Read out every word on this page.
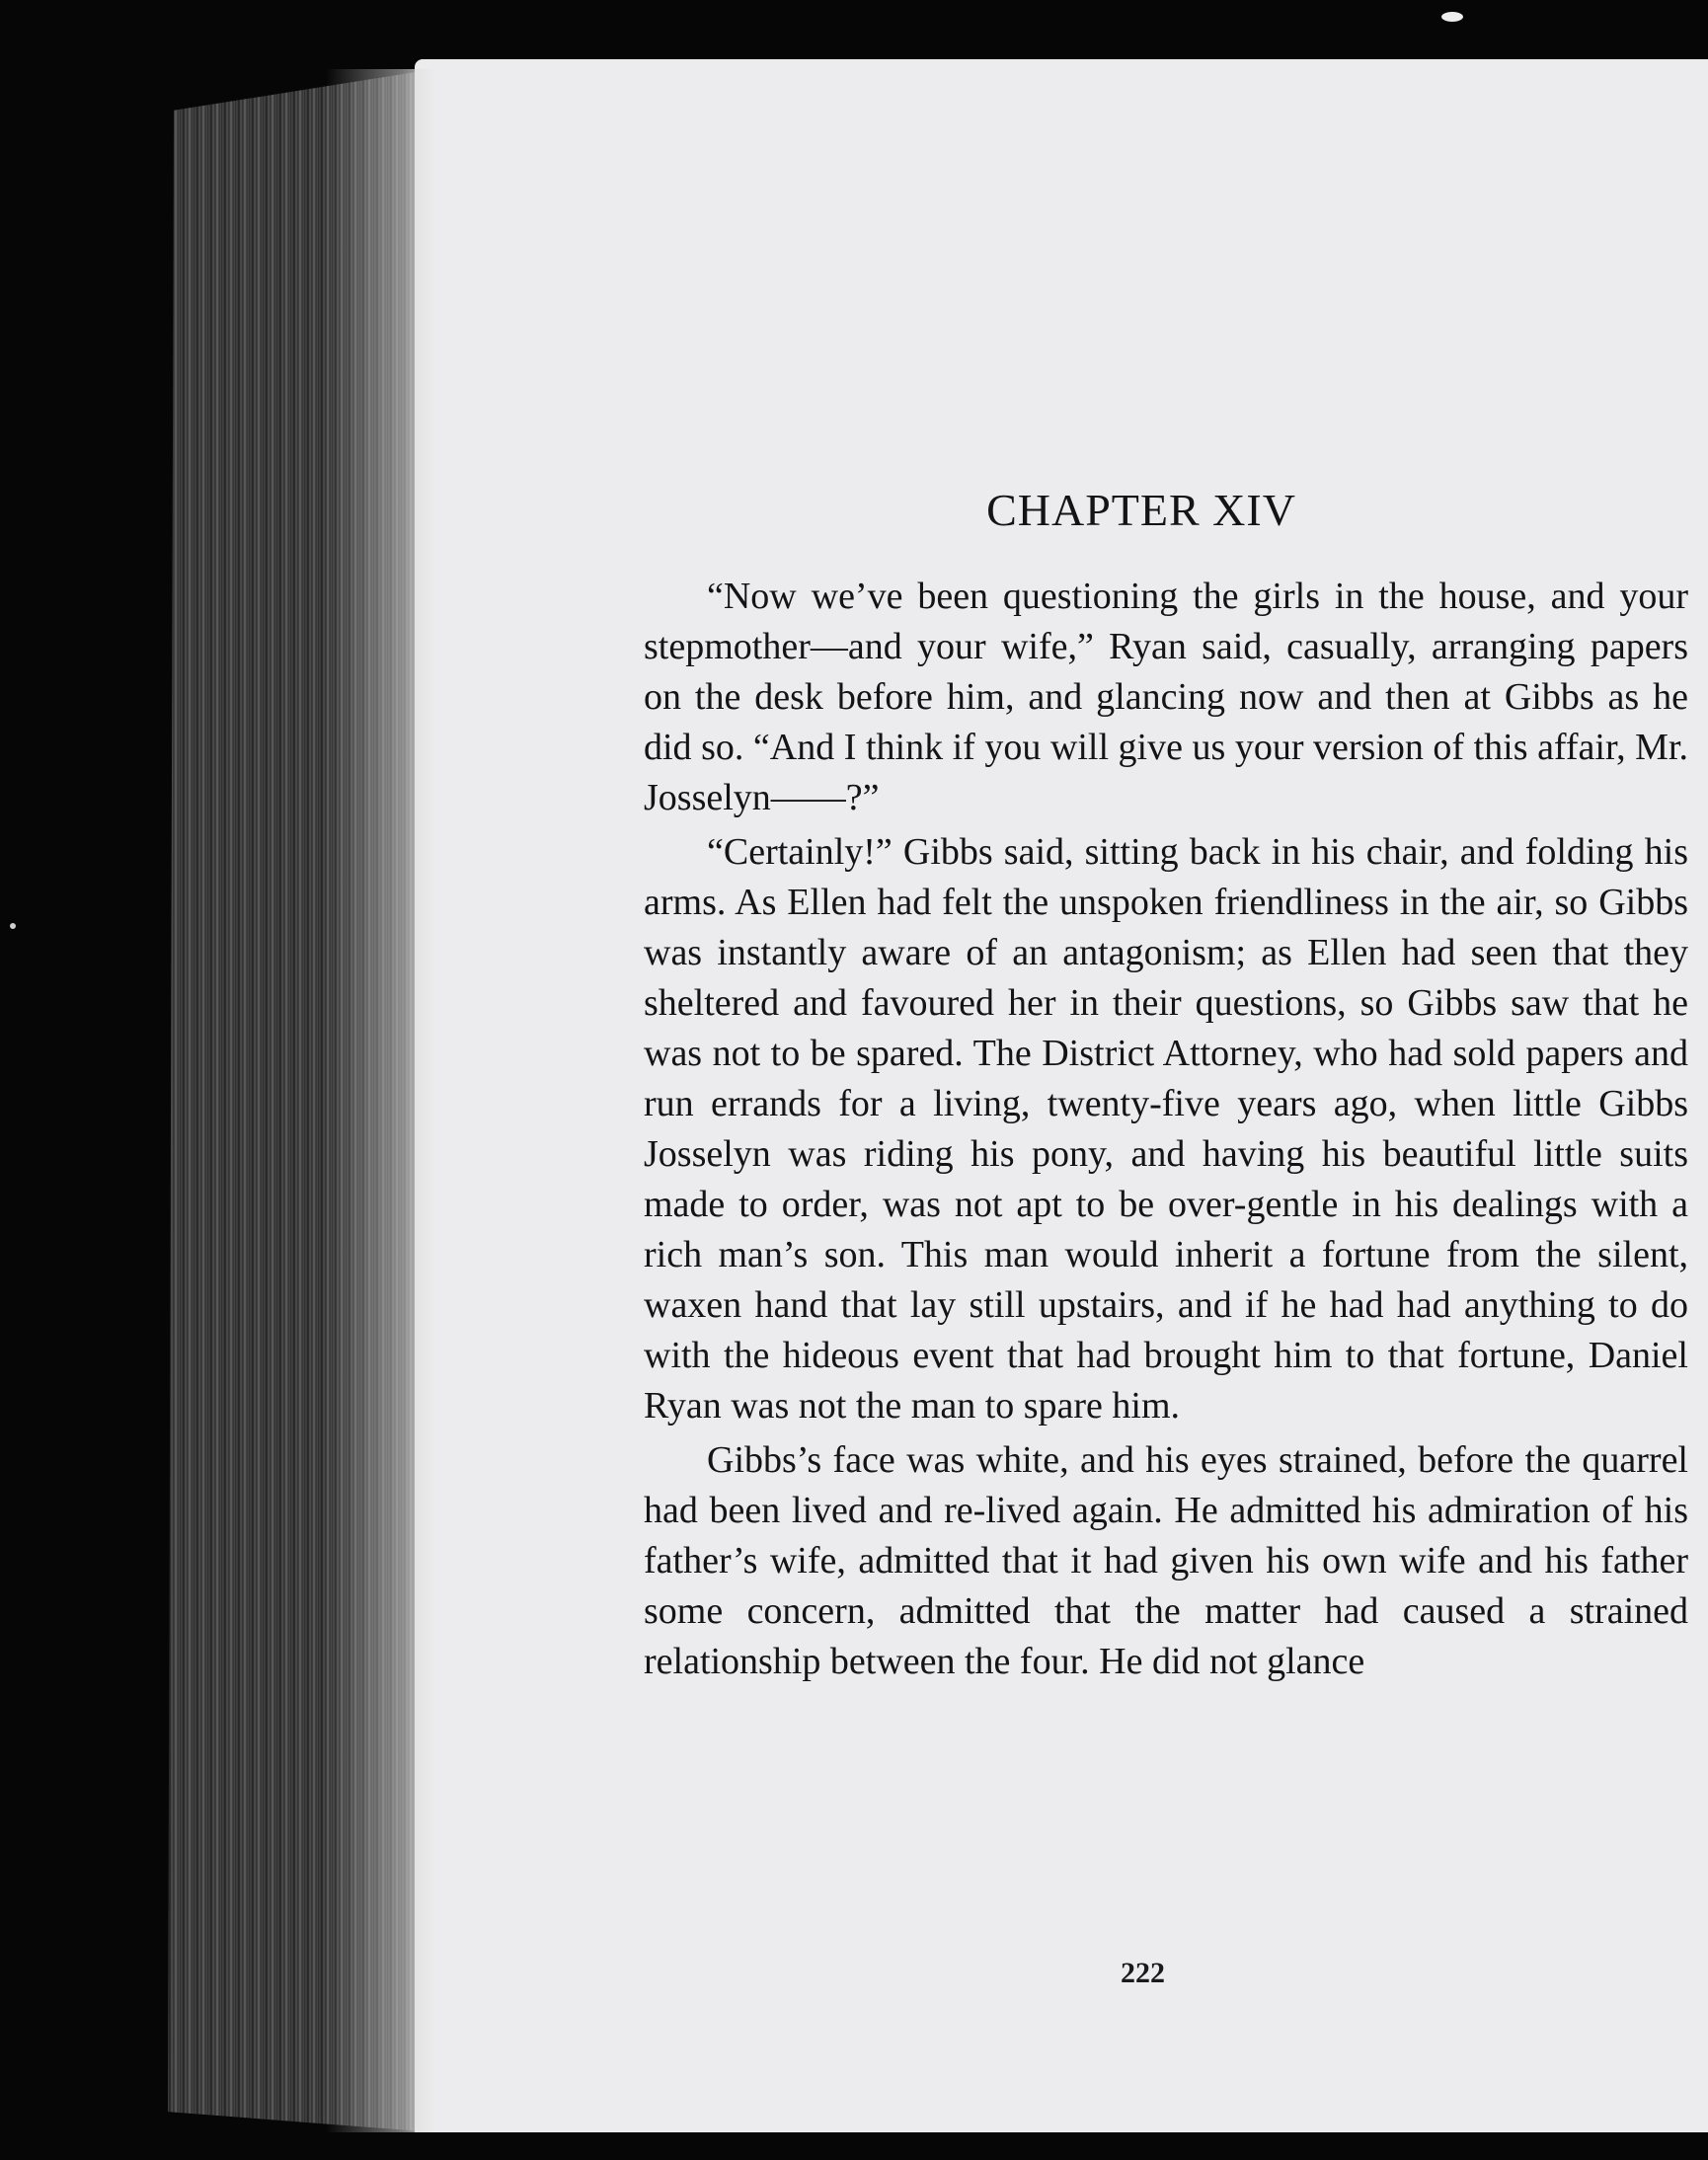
CHAPTER XIV

“Now we’ve been questioning the girls in the house, and your stepmother—and your wife,” Ryan said, casually, arranging papers on the desk before him, and glancing now and then at Gibbs as he did so. “And I think if you will give us your version of this affair, Mr. Josselyn——?”

“Certainly!” Gibbs said, sitting back in his chair, and folding his arms. As Ellen had felt the unspoken friendliness in the air, so Gibbs was instantly aware of an antagonism; as Ellen had seen that they sheltered and favoured her in their questions, so Gibbs saw that he was not to be spared. The District Attorney, who had sold papers and run errands for a living, twenty-five years ago, when little Gibbs Josselyn was riding his pony, and having his beautiful little suits made to order, was not apt to be over-gentle in his dealings with a rich man’s son. This man would inherit a fortune from the silent, waxen hand that lay still upstairs, and if he had had anything to do with the hideous event that had brought him to that fortune, Daniel Ryan was not the man to spare him.

Gibbs’s face was white, and his eyes strained, before the quarrel had been lived and re-lived again. He admitted his admiration of his father’s wife, admitted that it had given his own wife and his father some concern, admitted that the matter had caused a strained relationship between the four. He did not glance

222
